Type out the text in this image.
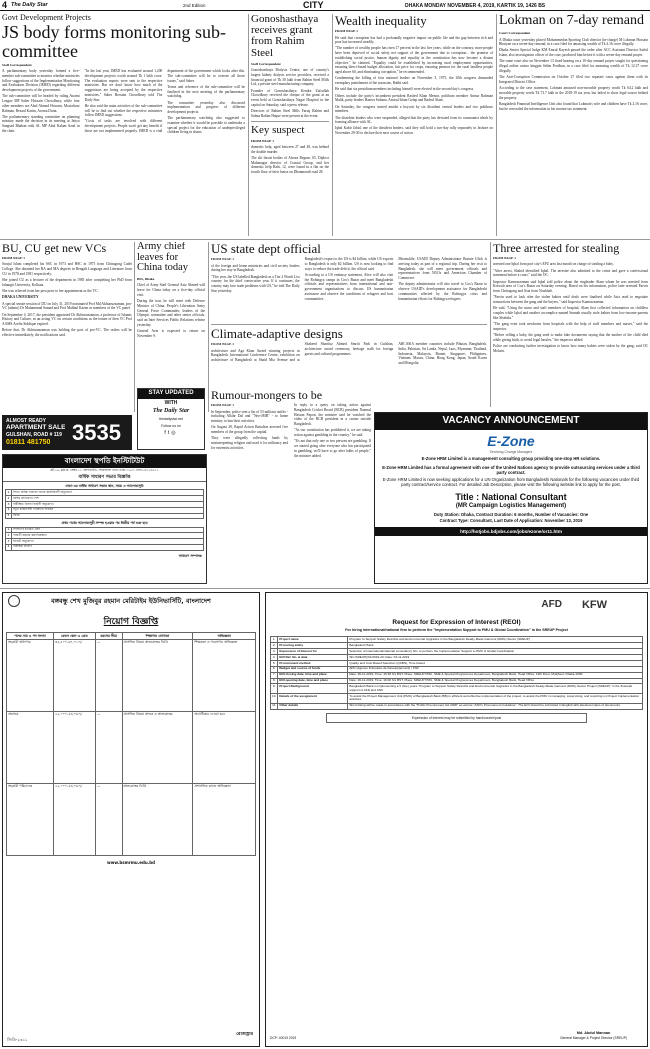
4 The Daily Star	2nd Edition	CITY	DHAKA MONDAY NOVEMBER 4, 2019, KARTIK 19, 1426 BS
Govt Development Projects
JS body forms monitoring sub-committee
Staff Correspondent

A parliamentary body yesterday formed a five-member sub-committee to monitor whether ministries follow suggestions of the Implementation Monitoring and Evaluation Division (IMED) regarding different development projects of the government.

The sub-committee will be headed by ruling Awami League MP Saber Hossain Chowdhury, while four other members are Abul Ahmed Hossain, Mostafizur Rahman, Rezaul Karim, Aroma Dutta.

The parliamentary standing committee on planning ministry made the decision in its meeting at Jatiya Sangsad Bhaban with AL MP Abul Kalam Azad in the chair.

"In the last year, IMED has evaluated around 1,200 development projects worth around Tk 1 lakh crore. The evaluation reports were sent to the respective ministries. But we don't know how much of the suggestions are being accepted by the respective ministries," Saber Hossain Chowdhury told The Daily Star.

He also said the main activities of the sub-committee will be to find out whether the respective ministries follow IMED suggestions.

"Costs of tasks are involved with different development projects. People won't get any benefit if those are not implemented properly. IMED is a vital department of the government which looks after this. The sub-committee will be to oversee all those issues," said Saber.

Terms and reference of the sub-committee will be finalised in the next meeting of the parliamentary watchdog.

The committee yesterday also discussed implementation and progress of different development projects.

The parliamentary watchdog also suggested to examine whether it would be possible to undertake a special project for the education of underprivileged children living in slums.

Gonoshasthaya receives grant from Rahim Steel
Staff Correspondent

Gonoshasthaya Dialysis Centre, one of country's largest kidney dialysis service providers, received a financial grant of Tk 50 lakh from Rahim Steel Mills Ltd, a private steel manufacturing company.

Founder of Gonoshasthaya Kendra Zafrullah Chowdhury received the cheque of the grant at an event held at Gonoshasthaya Nagar Hospital in the capital on Saturday, said a press release.

Directors of Rahim Steel Mills Faruq Rahim and Salma Rahim Haque were present at the event.

Key suspect
FROM PAGE 1

domestic help, aged between 27 and 28, was behind the double murder.

The slit throat bodies of Afroza Begum, 65, Diplovi Mahanagar director of Coastal Group, and her domestic help Rahi, 12, were found in a flat on the fourth floor of their house on Dhanmondi road 28.

Wealth inequality
FROM PAGE 1

He said that corruption has had a profoundly negative impact on public life and the gap between rich and poor has increased steadily.

"The number of wealthy people has risen 17 percent in the last five years, while on the contrary, more people have been deprived of social safety net support of the government due to corruption... the promise of establishing social justice, human dignity and equality in the constitution has now become a distant objective," he claimed. "Equality could be established by increasing rural employment opportunities, ensuring direct-based budget allocation, fair price for crops, ensuring pension for the rural landless people aged above 60, and eliminating corruption," he recommended.

Condemning the killing of four national leaders on November 3, 1975, the 10th congress demanded exemplary punishment of the assassins, Rabbi said.

He said that six presidium members including himself were elected in the second day's congress.

Others include the party's incumbent president Rashed Khan Menon, politburo member Anisur Rahman Malik, party leaders Hazera Sultana, Amirul Islam Golap and Badrul Alam.

On Saturday, the congress started amidst a boycott by six dissident central leaders and two politburo members.

The dissident leaders who were suspended, alleged that the party has deviated from its communist ideals by forming alliance with AL.

Iqbal Kabir Jahid, one of the dissident leaders, said they will hold a two-day rally separately in Jashore on November 29-30 to declare their next course of action.

Lokman on 7-day remand
Court Correspondent

A Dhaka court yesterday placed Mohammedan Sporting Club director (in-charge) M Lokman Hossain Bhuiyan on a seven-day remand, in a case filed for amassing wealth of Tk 4.16 crore illegally.

Dhaka Senior Special Judge KM Emrul Kayesh passed the order after ACC Assistant Director Saiful Islam, also investigation officer of the case, produced him before it with a seven-day remand prayer.

The same court also on November 13 fixed hearing on a 10-day remand prayer sought for questioning illegal online casino kingpin Selim Prodhan, in a case filed for amassing wealth of Tk 12.27 crore illegally.

The Anti-Corruption Commission on October 27 filed two separate cases against them with its Integrated District Office.

According to the case statement, Lokman amassed non-movable property worth Tk 64.2 lakh and movable property worth Tk 73.7 lakh in the 2018-19 tax year, but failed to show legal source behind the property.

Bangladesh Financial Intelligence Unit also found that Lokman's wife and children have Tk 2.16 crore, but he concealed the information in his income tax statement.

BU, CU get new VCs
FROM PAGE 1

Sirajul Islam completed his SSC in 1973 and HSC in 1975 from Chittagong Cadet College. She obtained her BA and MA degrees in Bengali Language and Literature from CU in 1978 and 1981 respectively.

She joined CU as a lecturer of the department in 1985 after completing her PhD from Jahangir University, Kolkata.

She was relieved from her post prior to her appointment as the VC.

DHAKA UNIVERSITY

A special senate session of DU on July 31, 2019 nominated Prof Md Akhtaruzzaman, pro-VC (admin) Dr Muhammad Samad and Prof Mahbul Karim as members of the VC panel.

On September 4, 2017, the president appointed Dr Akhtaruzzaman, a professor of Islamic History and Culture, as an acting VC on certain conditions as the tenure of then VC Prof AAMS Arefin Siddique expired.

Before that, Dr Akhtaruzzaman was holding the post of pro-VC. The orders will be effective immediately, the notifications said.

Army chief leaves for China today
BSS, Dhaka

Chief of Army Staff General Aziz Ahmed will leave for China today on a five-day official visit.

During the tour, he will meet with Defence Minister of China, People's Liberation Army General Force Commander, leaders of the Olympic committee and other senior officials, said an Inter Services Public Relations release yesterday.

General Aziz is expected to return on November 9.

US state dept official
FROM PAGE 1

of the foreign and home ministries and civil society leaders during her stay in Bangladesh.

"This year, the US labelled Bangladesh as a Tier 2 Watch List country for the third consecutive year. If it continues, the country may face trade problems with US," he told The Daily Star yesterday.

Bangladesh's export to the US is $4 billion, while US exports to Bangladesh is only $2 billion. US is now looking to find ways to reduce the trade deficit, the official said.

According to a US embassy statement, Alice will also visit the Rohingya camps in Cox's Bazar and meet Bangladeshi officials and representatives from international and non-government organisations to discuss US humanitarian assistance and observe the conditions of refugees and host communities.

Meanwhile, USAID Deputy Administrator Bonnie Glick is arriving today as part of a regional trip. During her visit to Bangladesh, she will meet government officials and representatives from NGOs and American Chamber of Commerce.

The deputy administrator will also travel to Cox's Bazar to observe USAID's development assistance for Bangladeshi communities affected by the Rohingya crisis and humanitarian efforts for Rohingya refugees.

Climate-adaptive designs
FROM PAGE 1

architecture and Aga Khan Award winning projects in Bangladesh. International Conference Centre, exhibition on architecture of Bangladesh at Shaid Mia Avenue and at Shaheed Sharifuz Ahmed Smriti Park in Gulshan, architecture award ceremony, heritage walk for foreign guests and cultural programmes.

ARCASIA member countries include Bhutan, Bangladesh, India, Pakistan, Sri Lanka, Nepal, Laos, Myanmar, Thailand, Indonesia, Malaysia, Brunei, Singapore, Philippines, Vietnam, Macau, China, Hong Kong, Japan, South Korea and Mongolia.

Three arrested for stealing
FROM PAGE 1

arrested one Iqbal from port city's EPZ area last month on charge of stealing a baby.

"After arrest, Shahid identified Iqbal. The arrestee also admitted to the crime and gave a confessional statement before a court," said the OC.

Inspector Kamruzzaman said Iqbal told police about the ringleader Alam whom he was arrested from Kotwali area of Cox's Bazar on Saturday evening. Based on his information, police later arrested Parvin from Chittagong and Asia from Noakhali.

"Parvin used to look after the stolen babies until deals were finalised while Asia used to negotiate transactions between the gang and the buyers," said Inspector Kamruzzaman.

He said, "Using the nurse and staff members of hospital, Alam first collected information on childless couples while Iqbal and another accomplice named Sunnah usually stole babies from low-income parents like Shahida."

"The gang even took newborns from hospitals with the help of staff members and nurses," said the inspector.

"Before selling a baby, the gang used to make fake documents saying that the mother of the child died while giving birth, to avoid legal hassles," the inspector added.

Police are conducting further investigation to know how many babies were stolen by the gang, said OC Mohsin.

ALMOST READY
APARTMENT SALE
GULSHAN, ROAD # 119
01811 481750 3535
STAY UPDATED
WITH
The Daily Star
thedailystar.net
Follow us on
ft◎
Rumour-mongers to be
FROM PAGE 1

In September, police sent a list of 53 militant outfits - including Allahr Dal and "Neo-JMB" - to home ministry to ban their activities.

On August 28, Rapid Action Battalion arrested five members of the group from the capital.

They were allegedly collecting funds by misinterpreting religion and used it for militancy and for extremist activities.

In reply to a query on taking action against Bangladesh Cricket Board (BCB) president Nazmul Hassan Papon, the minister said he watched the video of the BCB president in a casino outside Bangladesh.

"As our constitution has prohibited it, we are taking action against gambling in the country," he said.

"It's not that only one or two persons are gambling. If we started going after everyone who has participated in gambling, we'll have to go after lakhs of people," the minister added.

বাংলাদেশ স্থপতি ইনস্টিটিউট
প্লট-১৯, ব্লক-ক, সেক্টর-১১, আগারগাঁও, শেরেবাংলা নগর, ঢাকা-১২০৭, ফোন-৫৮১৫৬২১১
বার্ষিক সাধারণ সভার বিজ্ঞপ্তি
ঢাকা-এর বার্ষিক সাধারণ সভার স্থান, সময় ও আলোচ্যসূচি
1	বিগত বার্ষিক সাধারণ সভার কার্যবিবরণী অনুমোদন
2	বার্ষিক প্রতিবেদন পেশ
3	নিরীক্ষিত হিসাব বিবরণী অনুমোদন
4	নতুন কার্যনির্বাহী পরিষদের নির্বাচন
5	বিবিধ
প্রথম পর্বের আলোচ্যসূচী সম্পন্ন হওয়ার পর দ্বিতীয় পর্ব শুরু হবে
1	সদস্যদের মতামত গ্রহণ
2	পরবর্তী বছরের কর্মপরিকল্পনা
3	বাজেট অনুমোদন
4	নিরীক্ষক নিয়োগ
সাধারণ সম্পাদক
VACANCY ANNOUNCEMENT
E-Zone
Servicing Change Managers
E-Zone HRM Limited is a management consulting group providing one-stop HR solutions.
E-Zone HRM Limited has a formal agreement with one of the United Nations agency to provide outsourcing services under a third party contract.
E-Zone HRM Limited is now seeking applications for a UN Organization from Bangladeshi Nationals for the following vacancies under third party contract/service contract. For detailed Job Description, please visit the following website link to apply for the post.
Title : National Consultant
(MR Campaign Logistics Management)
Duty Station: Dhaka, Contract Duration: 6 months, Number of Vacancies: One
Contract Type: Consultant, Last Date of Application: November 13, 2019
http://hotjobs.bdjobs.com/jobs/ezone/or11.htm
বঙ্গবন্ধু শেখ মুজিবুর রহমান মেরিটাইম ইউনিভার্সিটি, বাংলাদেশ
নিয়োগ বিজ্ঞপ্তি
পদের নাম ও পদ সংখ্যা	বেতন স্কেল ও গ্রেড	বয়সের সীমা	শিক্ষাগত যোগ্যতা	অভিজ্ঞতা
সহকারী অধ্যাপক	৩৫,৫০০-৬৭,০১০/-	—	প্রাসঙ্গিক বিষয়ে স্নাতকোত্তর ডিগ্রি	শিক্ষকতা ও গবেষণায় অভিজ্ঞতা
প্রভাষক	২২,০০০-৫৩,০৬০/-	—	প্রাসঙ্গিক বিষয়ে স্নাতক ও স্নাতকোত্তর	অগ্রাধিকার দেওয়া হবে
সহকারী পরিচালক	২২,০০০-৫৩,০৬০/-	—	স্নাতকোত্তর ডিগ্রি	প্রশাসনিক কাজে অভিজ্ঞতা
www.bsmrmu.edu.bd
জিডি-২৩১১
রেজিস্ট্রার
AFD KFW
Request for Expression of Interest (REOI)
For hiring international/national firm to perform the "Implementation Support to PMU & Global Coordination" in the SREUP Project
1.	Project name	Program to Support Safety Retrofits and Environmental Upgrades in the Bangladesh Ready-Made Garment (RMG) Sector (SREUP)
2.	Procuring entity	Bangladesh Bank
3.	Expression of Interest for	Selection of international/national consultancy firm to perform the Implementation Support to PMU & Global Coordination
4.	EOI Ref. No. & date	SD (SREUP)/01/2019-20; Date: 03-11-2019
5.	Procurement method	Quality and Cost Based Selection (QCBS), Time based
6.	Budget and source of funds	AFD (Agence Française de Développement) / KfW
7.	EOI closing date, time and place	Date: 26-11-2019, Time: 15:30 hrs BST, Place: SREUP PMU, SME & Special Programmes Department, Bangladesh Bank, Head Office, 19th Floor, Motijheel, Dhaka-1000
8.	EOI opening date, time and place	Date: 26-11-2019, Time: 16:00 hrs BST, Place: SREUP PMU, SME & Special Programmes Department, Bangladesh Bank, Head Office
9.	Project Background	Bangladesh Bank is implementing a 5 (five) years "Program to Support Safety Retrofits and Environmental Upgrades in the Bangladesh Ready-Made Garment (RMG) Sector Project (SREUP)" in the financial support of AFD and KfW.
10.	Details of the assignment	To assist the Project Management Unit (PMU) of Bangladesh Bank (BB) in efficient and effective implementation of the project, to assist the PMU in managing, supervising, and reporting on Project Implementation activities.
11.	Other details	Short listing will be made in accordance with the "Public Procurement Act 2006" as well as "AFD's Procurement Guideline". The EOI should be submitted in English with attested copies of documents.
Expression of interest may be submitted by hand/courier/post
DCP: 40019 2019
Md. Abdul Mannan
General Manager & Project Director (SREUP)
